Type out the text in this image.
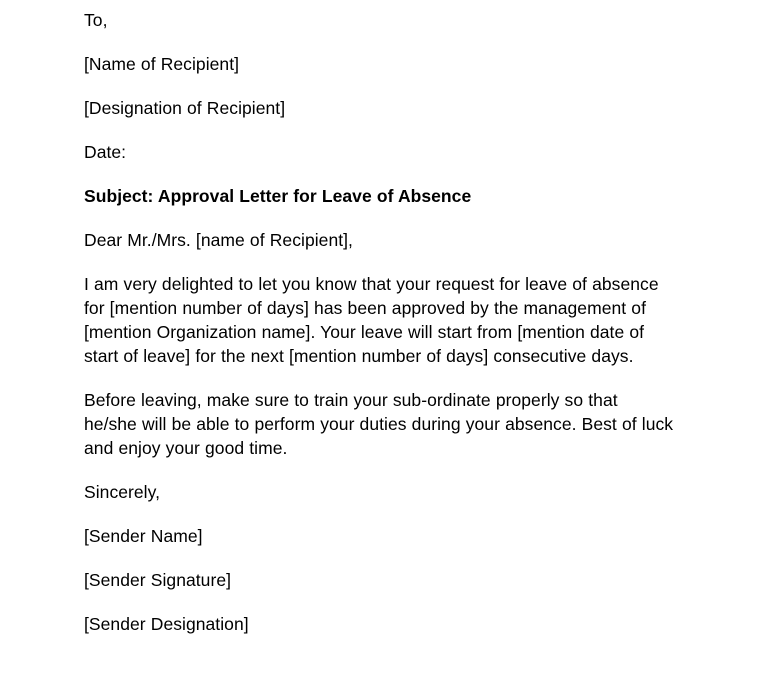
To,

[Name of Recipient]

[Designation of Recipient]

Date:

Subject: Approval Letter for Leave of Absence

Dear Mr./Mrs. [name of Recipient],

I am very delighted to let you know that your request for leave of absence for [mention number of days] has been approved by the management of [mention Organization name]. Your leave will start from [mention date of start of leave] for the next [mention number of days] consecutive days.

Before leaving, make sure to train your sub-ordinate properly so that he/she will be able to perform your duties during your absence. Best of luck and enjoy your good time.

Sincerely,

[Sender Name]

[Sender Signature]

[Sender Designation]
